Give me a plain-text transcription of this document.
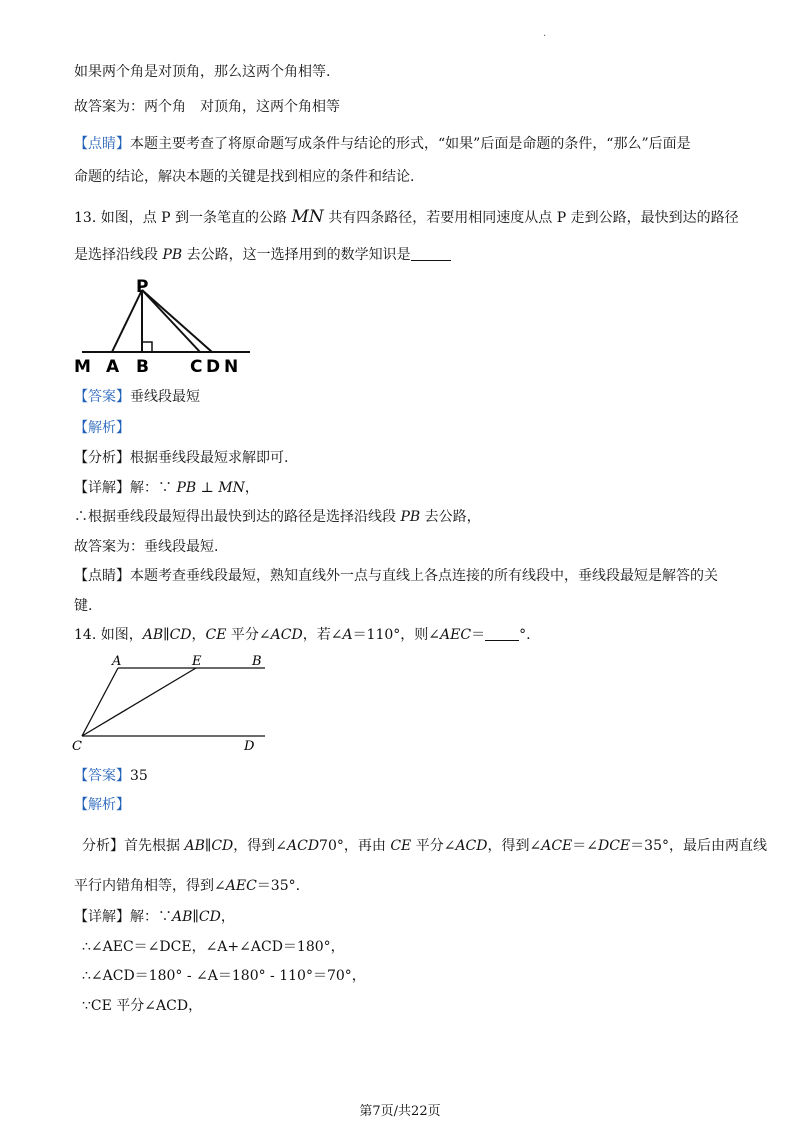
.
如果两个角是对顶角，那么这两个角相等.
故答案为：两个角　对顶角，这两个角相等
【点睛】本题主要考查了将原命题写成条件与结论的形式，“如果”后面是命题的条件，“那么”后面是
命题的结论，解决本题的关键是找到相应的条件和结论.
13. 如图，点 P 到一条笔直的公路 MN 共有四条路径，若要用相同速度从点 P 走到公路，最快到达的路径
是选择沿线段 PB 去公路，这一选择用到的数学知识是
P
M A B C D N
【答案】垂线段最短
【解析】
【分析】根据垂线段最短求解即可.
【详解】解：∵ PB ⊥ MN，
∴根据垂线段最短得出最快到达的路径是选择沿线段 PB 去公路，
故答案为：垂线段最短.
【点睛】本题考查垂线段最短，熟知直线外一点与直线上各点连接的所有线段中，垂线段最短是解答的关
键.
14. 如图，AB∥CD，CE 平分∠ACD，若∠A＝110°，则∠AEC＝ °.
A	E	B
C	D
【答案】35
【解析】
分析】首先根据 AB∥CD，得到∠ACD70°，再由 CE 平分∠ACD，得到∠ACE＝∠DCE＝35°，最后由两直线
平行内错角相等，得到∠AEC＝35°.
【详解】解：∵AB∥CD，
∴∠AEC＝∠DCE，∠A+∠ACD＝180°，
∴∠ACD＝180° - ∠A＝180° - 110°＝70°，
∵CE 平分∠ACD，
第7页/共22页
